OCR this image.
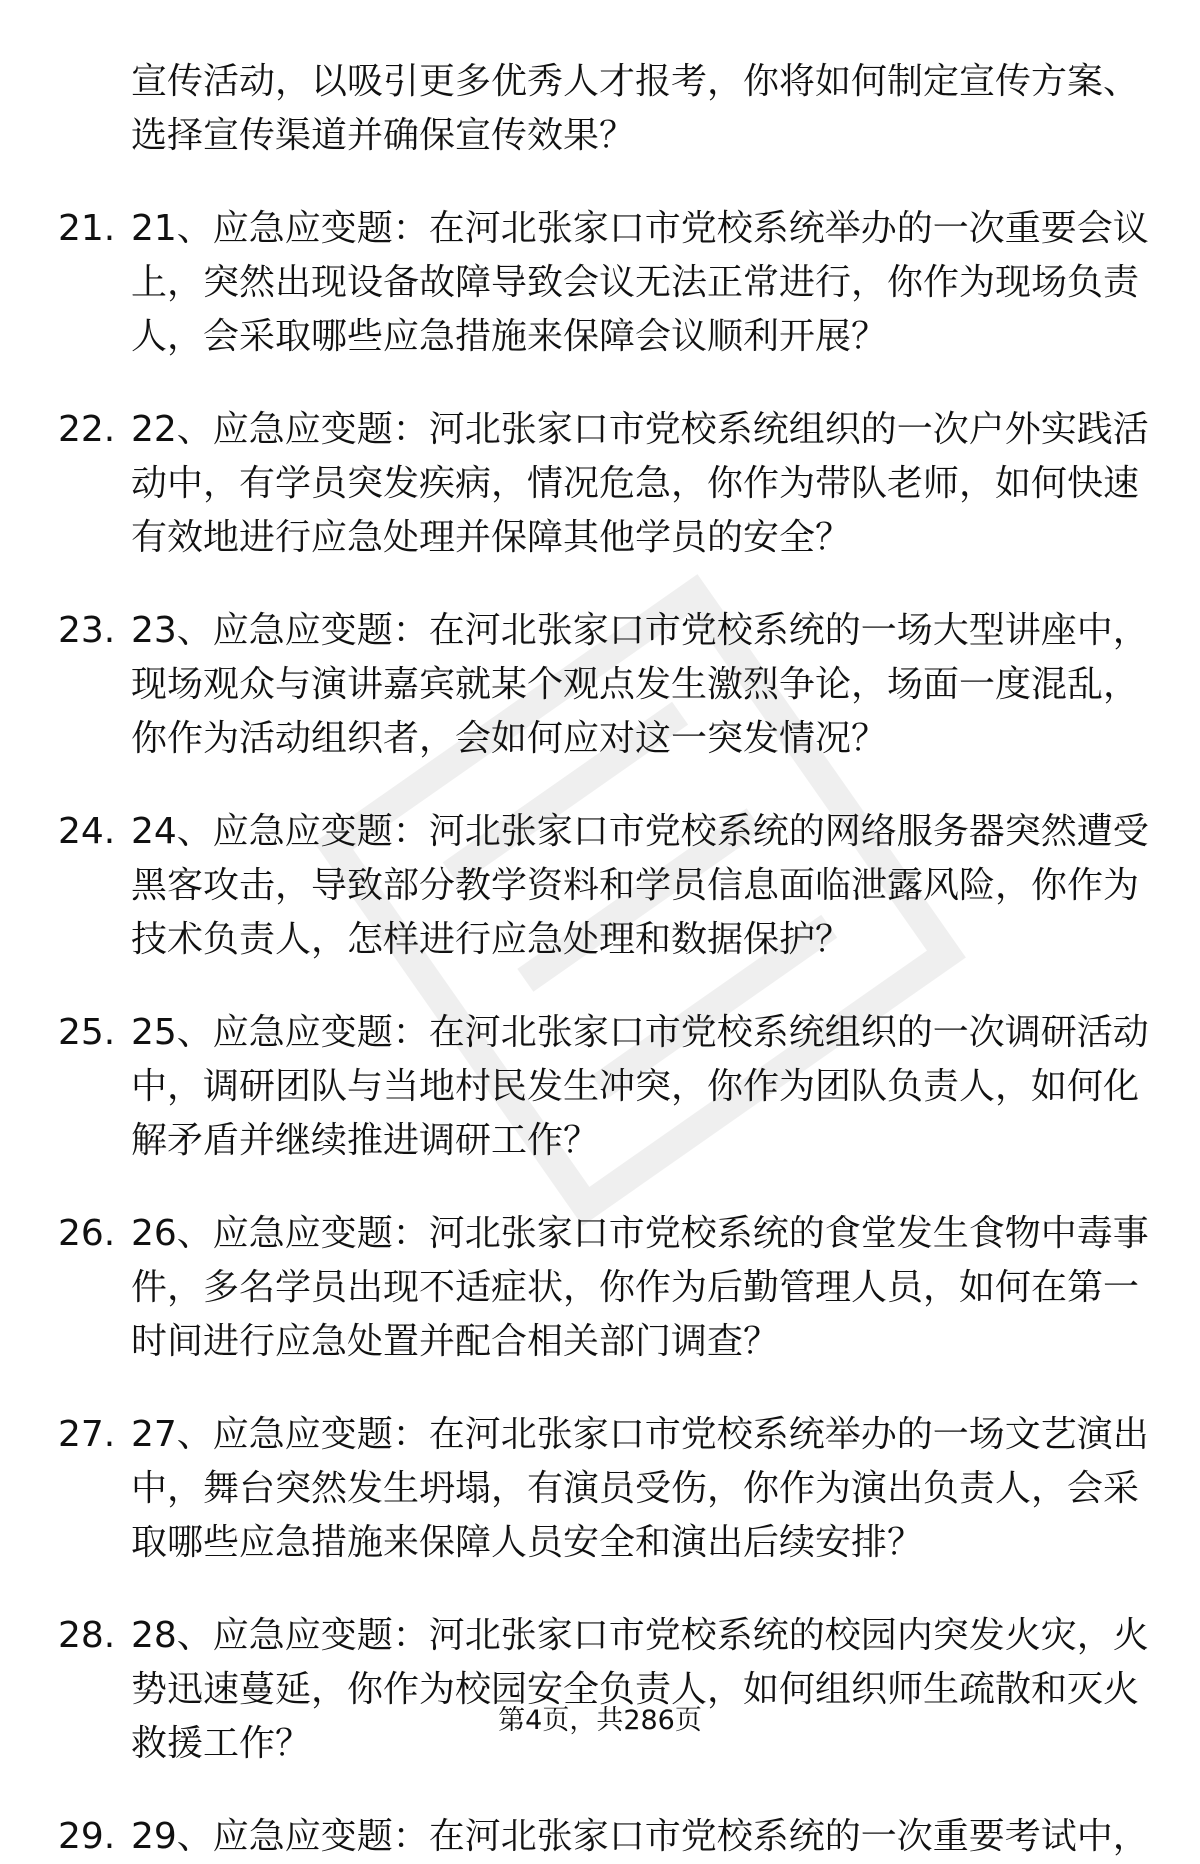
宣传活动，以吸引更多优秀人才报考，你将如何制定宣传方案、
选择宣传渠道并确保宣传效果？
21. 21、应急应变题：在河北张家口市党校系统举办的一次重要会议
上，突然出现设备故障导致会议无法正常进行，你作为现场负责
人，会采取哪些应急措施来保障会议顺利开展？
22. 22、应急应变题：河北张家口市党校系统组织的一次户外实践活
动中，有学员突发疾病，情况危急，你作为带队老师，如何快速
有效地进行应急处理并保障其他学员的安全？
23. 23、应急应变题：在河北张家口市党校系统的一场大型讲座中，
现场观众与演讲嘉宾就某个观点发生激烈争论，场面一度混乱，
你作为活动组织者，会如何应对这一突发情况？
24. 24、应急应变题：河北张家口市党校系统的网络服务器突然遭受
黑客攻击，导致部分教学资料和学员信息面临泄露风险，你作为
技术负责人，怎样进行应急处理和数据保护？
25. 25、应急应变题：在河北张家口市党校系统组织的一次调研活动
中，调研团队与当地村民发生冲突，你作为团队负责人，如何化
解矛盾并继续推进调研工作？
26. 26、应急应变题：河北张家口市党校系统的食堂发生食物中毒事
件，多名学员出现不适症状，你作为后勤管理人员，如何在第一
时间进行应急处置并配合相关部门调查？
27. 27、应急应变题：在河北张家口市党校系统举办的一场文艺演出
中，舞台突然发生坍塌，有演员受伤，你作为演出负责人，会采
取哪些应急措施来保障人员安全和演出后续安排？
28. 28、应急应变题：河北张家口市党校系统的校园内突发火灾，火
势迅速蔓延，你作为校园安全负责人，如何组织师生疏散和灭火
救援工作？
29. 29、应急应变题：在河北张家口市党校系统的一次重要考试中，
第4页，共286页
